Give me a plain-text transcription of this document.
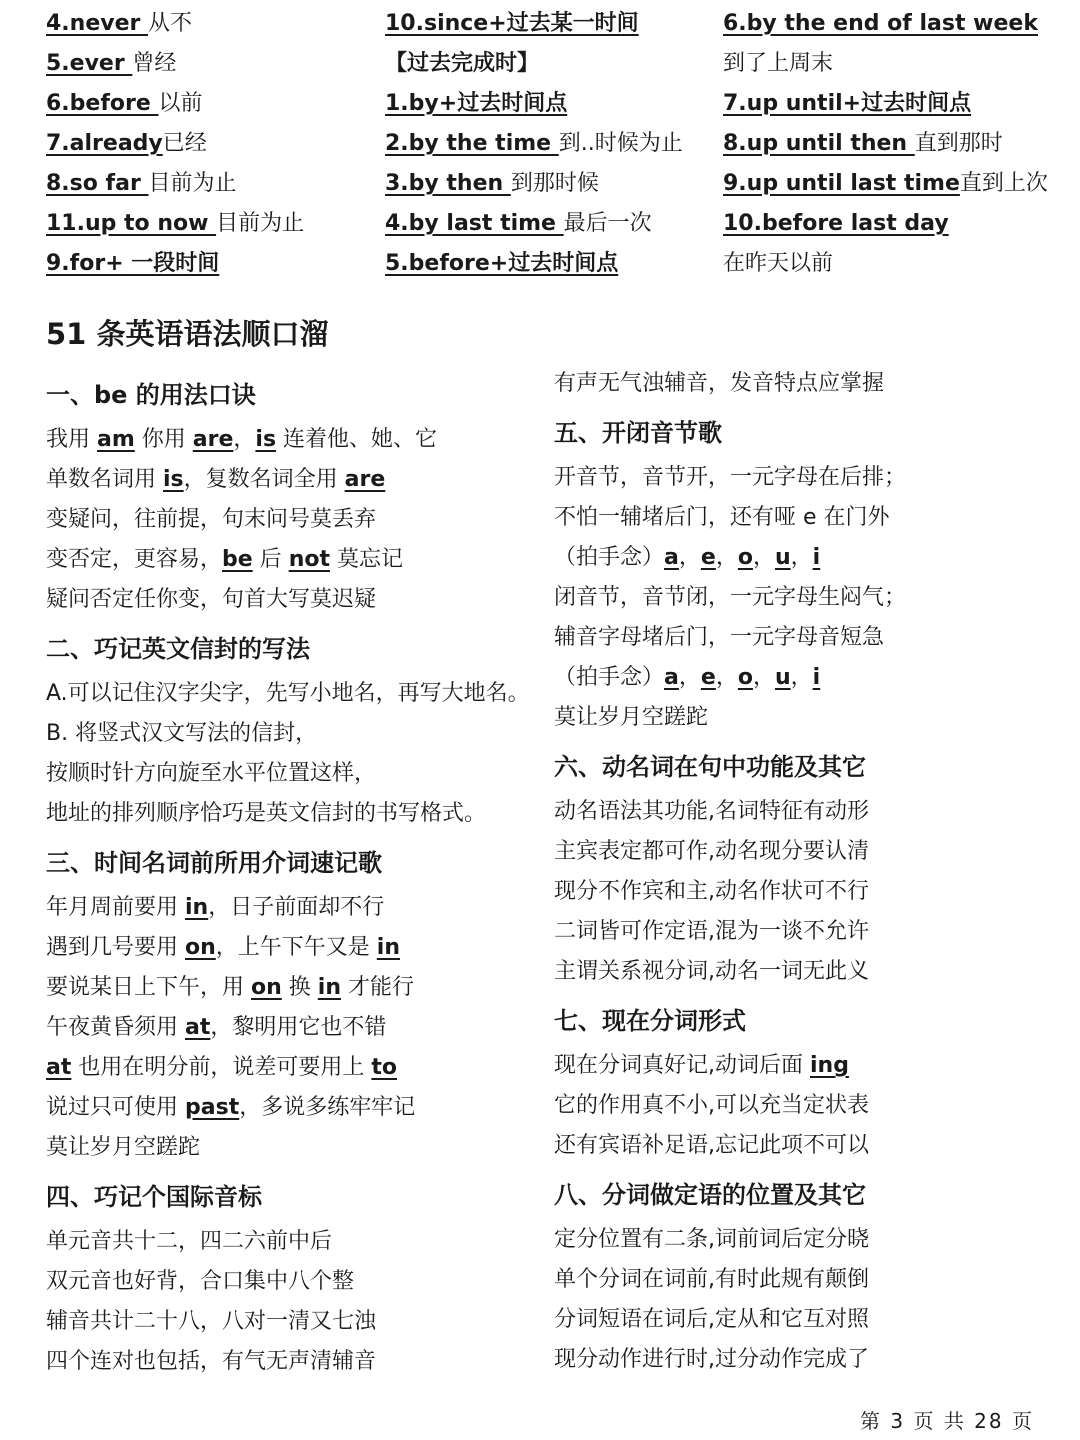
4.never 从不
5.ever 曾经
6.before 以前
7.already已经
8.so far 目前为止
11.up to now 目前为止
9.for+ 一段时间
10.since+过去某一时间
【过去完成时】
1.by+过去时间点
2.by the time 到..时候为止
3.by then 到那时候
4.by last time 最后一次
5.before+过去时间点
6.by the end of last week
到了上周末
7.up until+过去时间点
8.up until then 直到那时
9.up until last time直到上次
10.before last day
在昨天以前
51 条英语语法顺口溜
一、be 的用法口诀
我用 am 你用 are，is 连着他、她、它
单数名词用 is，复数名词全用 are
变疑问，往前提，句末问号莫丢弃
变否定，更容易，be 后 not 莫忘记
疑问否定任你变，句首大写莫迟疑
二、巧记英文信封的写法
A.可以记住汉字尖字，先写小地名，再写大地名。
B. 将竖式汉文写法的信封，
按顺时针方向旋至水平位置这样，
地址的排列顺序恰巧是英文信封的书写格式。
三、时间名词前所用介词速记歌
年月周前要用 in，日子前面却不行
遇到几号要用 on，上午下午又是 in
要说某日上下午，用 on 换 in 才能行
午夜黄昏须用 at，黎明用它也不错
at 也用在明分前，说差可要用上 to
说过只可使用 past，多说多练牢牢记
莫让岁月空蹉跎
四、巧记个国际音标
单元音共十二，四二六前中后
双元音也好背，合口集中八个整
辅音共计二十八，八对一清又七浊
四个连对也包括，有气无声清辅音
有声无气浊辅音，发音特点应掌握
五、开闭音节歌
开音节，音节开，一元字母在后排；
不怕一辅堵后门，还有哑 e 在门外
（拍手念）a，e，o，u，i
闭音节，音节闭，一元字母生闷气；
辅音字母堵后门，一元字母音短急
（拍手念）a，e，o，u，i
莫让岁月空蹉跎
六、动名词在句中功能及其它
动名语法其功能,名词特征有动形
主宾表定都可作,动名现分要认清
现分不作宾和主,动名作状可不行
二词皆可作定语,混为一谈不允许
主谓关系视分词,动名一词无此义
七、现在分词形式
现在分词真好记,动词后面 ing
它的作用真不小,可以充当定状表
还有宾语补足语,忘记此项不可以
八、分词做定语的位置及其它
定分位置有二条,词前词后定分晓
单个分词在词前,有时此规有颠倒
分词短语在词后,定从和它互对照
现分动作进行时,过分动作完成了
第 3 页 共 28 页
